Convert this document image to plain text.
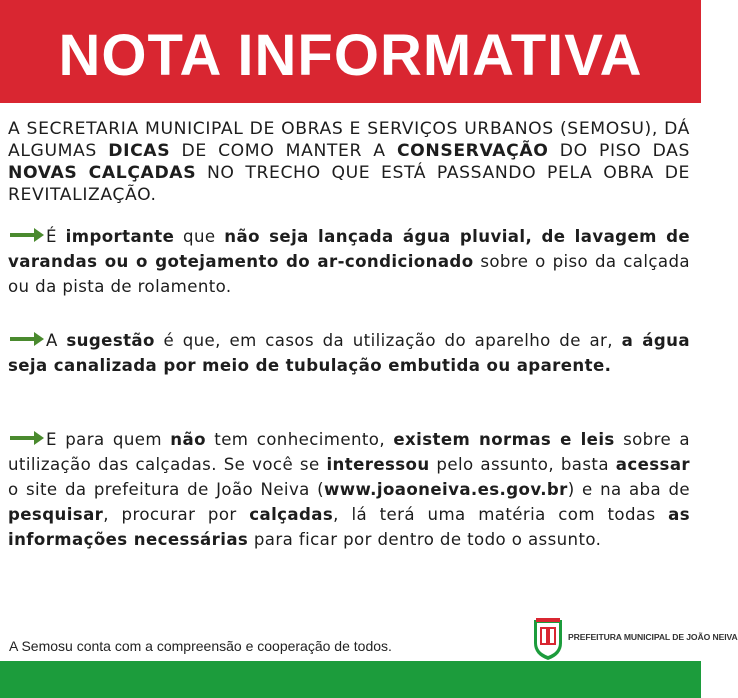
NOTA INFORMATIVA
A SECRETARIA MUNICIPAL DE OBRAS E SERVIÇOS URBANOS (SEMOSU), DÁ ALGUMAS DICAS DE COMO MANTER A CONSERVAÇÃO DO PISO DAS NOVAS CALÇADAS NO TRECHO QUE ESTÁ PASSANDO PELA OBRA DE REVITALIZAÇÃO.
É importante que não seja lançada água pluvial, de lavagem de varandas ou o gotejamento do ar-condicionado sobre o piso da calçada ou da pista de rolamento.
A sugestão é que, em casos da utilização do aparelho de ar, a água seja canalizada por meio de tubulação embutida ou aparente.
E para quem não tem conhecimento, existem normas e leis sobre a utilização das calçadas. Se você se interessou pelo assunto, basta acessar o site da prefeitura de João Neiva (www.joaoneiva.es.gov.br) e na aba de pesquisar, procurar por calçadas, lá terá uma matéria com todas as informações necessárias para ficar por dentro de todo o assunto.
A Semosu conta com a compreensão e cooperação de todos.
PREFEITURA MUNICIPAL DE JOÃO NEIVA
